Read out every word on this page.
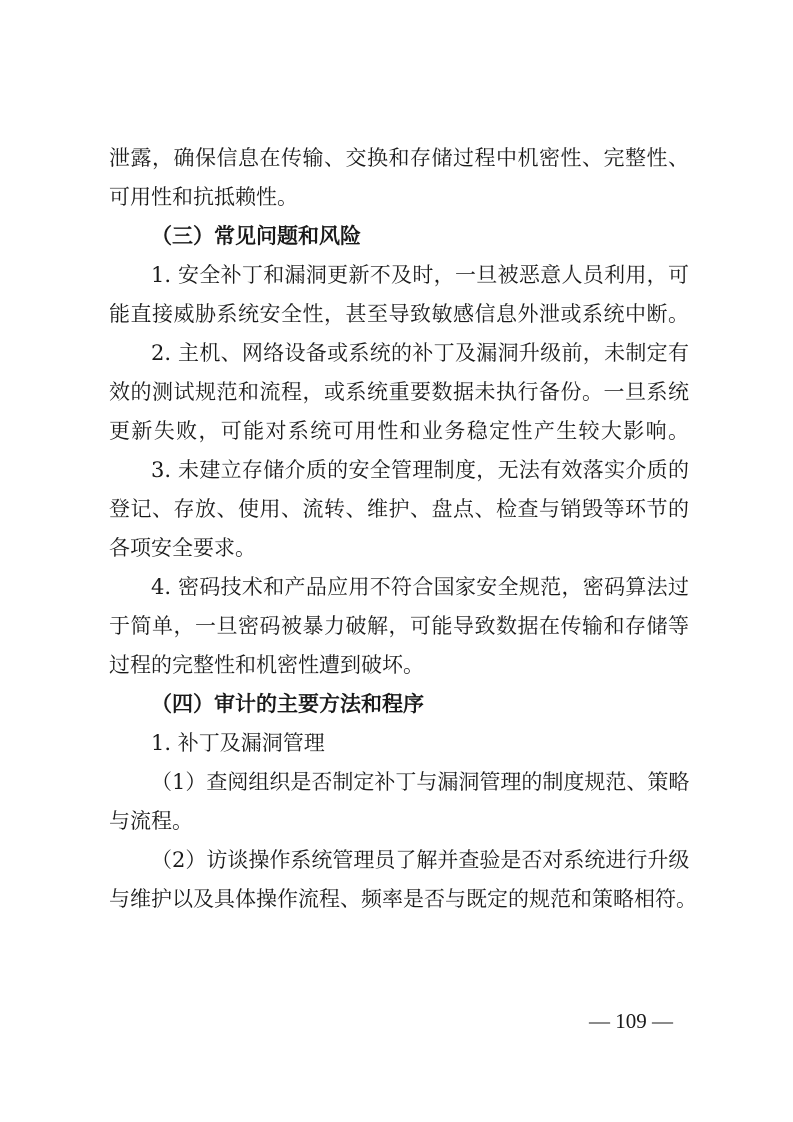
泄露，确保信息在传输、交换和存储过程中机密性、完整性、
可用性和抗抵赖性。
（三）常见问题和风险
1. 安全补丁和漏洞更新不及时，一旦被恶意人员利用，可
能直接威胁系统安全性，甚至导致敏感信息外泄或系统中断。
2. 主机、网络设备或系统的补丁及漏洞升级前，未制定有
效的测试规范和流程，或系统重要数据未执行备份。一旦系统
更新失败，可能对系统可用性和业务稳定性产生较大影响。
3. 未建立存储介质的安全管理制度，无法有效落实介质的
登记、存放、使用、流转、维护、盘点、检查与销毁等环节的
各项安全要求。
4. 密码技术和产品应用不符合国家安全规范，密码算法过
于简单，一旦密码被暴力破解，可能导致数据在传输和存储等
过程的完整性和机密性遭到破坏。
（四）审计的主要方法和程序
1. 补丁及漏洞管理
（1）查阅组织是否制定补丁与漏洞管理的制度规范、策略
与流程。
（2）访谈操作系统管理员了解并查验是否对系统进行升级
与维护以及具体操作流程、频率是否与既定的规范和策略相符。
— 109 —
